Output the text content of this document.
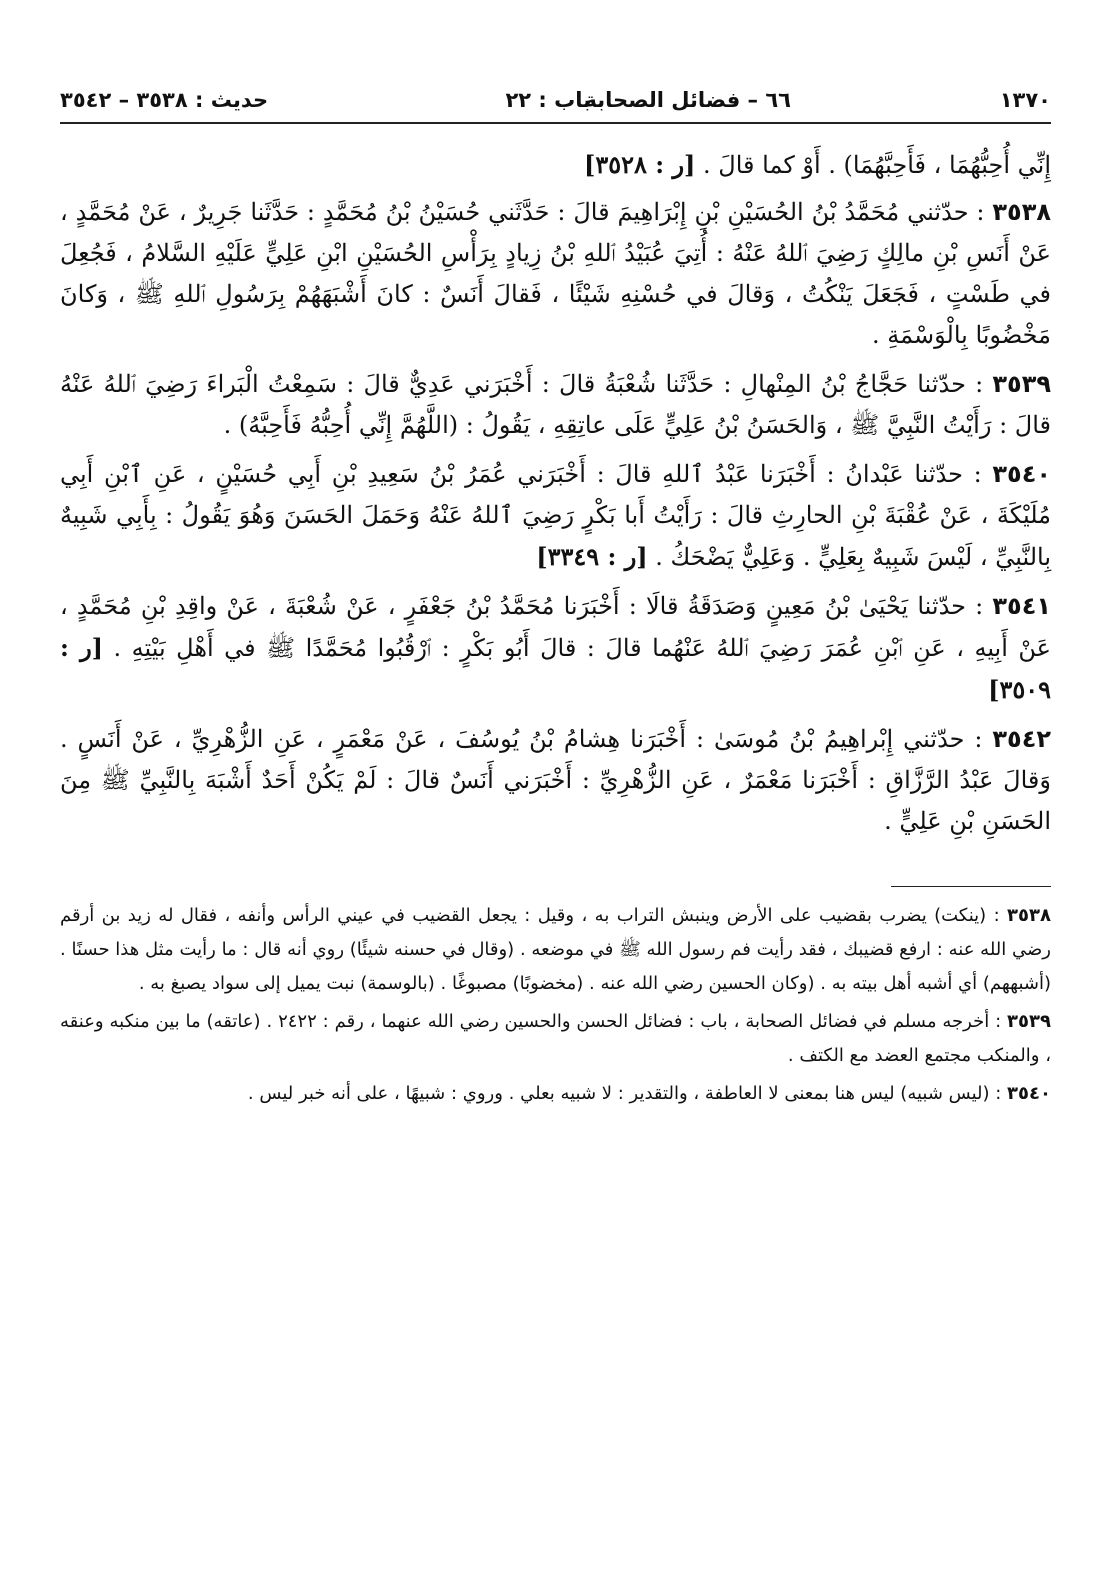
١٣٧٠
٦٦ – فضائل الصحابة
باب : ٢٢
حديث : ٣٥٣٨ – ٣٥٤٢

إِنِّي أُحِبُّهُمَا ، فَأَحِبَّهُمَا) . أَوْ كما قالَ . [ر : ٣٥٢٨]

٣٥٣٨ : حدّثني مُحَمَّدُ بْنُ الحُسَيْنِ بْنِ إِبْرَاهِيمَ قالَ : حَدَّثَني حُسَيْنُ بْنُ مُحَمَّدٍ : حَدَّثَنا جَرِيرٌ ، عَنْ مُحَمَّدٍ ، عَنْ أَنَسِ بْنِ مالِكٍ رَضِيَ ٱللهُ عَنْهُ : أُتِيَ عُبَيْدُ ٱللهِ بْنُ زِيادٍ بِرَأْسِ الحُسَيْنِ ابْنِ عَلِيٍّ عَلَيْهِ السَّلامُ ، فَجُعِلَ في طَسْتٍ ، فَجَعَلَ يَنْكُتُ ، وَقالَ في حُسْنِهِ شَيْئًا ، فَقالَ أَنَسٌ : كانَ أَشْبَهَهُمْ بِرَسُولِ ٱللهِ ﷺ ، وَكانَ مَخْضُوبًا بِالْوَسْمَةِ .

٣٥٣٩ : حدّثنا حَجَّاجُ بْنُ المِنْهالِ : حَدَّثَنا شُعْبَةُ قالَ : أَخْبَرَني عَدِيٌّ قالَ : سَمِعْتُ الْبَراءَ رَضِيَ ٱللهُ عَنْهُ قالَ : رَأَيْتُ النَّبِيَّ ﷺ ، وَالحَسَنُ بْنُ عَلِيٍّ عَلَى عاتِقِهِ ، يَقُولُ : (اللَّهُمَّ إِنِّي أُحِبُّهُ فَأَحِبَّهُ) .

٣٥٤٠ : حدّثنا عَبْدانُ : أَخْبَرَنا عَبْدُ ٱللهِ قالَ : أَخْبَرَني عُمَرُ بْنُ سَعِيدِ بْنِ أَبِي حُسَيْنٍ ، عَنِ ٱبْنِ أَبِي مُلَيْكَةَ ، عَنْ عُقْبَةَ بْنِ الحارِثِ قالَ : رَأَيْتُ أَبا بَكْرٍ رَضِيَ ٱللهُ عَنْهُ وَحَمَلَ الحَسَنَ وَهُوَ يَقُولُ : بِأَبِي شَبِيهٌ بِالنَّبِيِّ ، لَيْسَ شَبِيهٌ بِعَلِيٍّ . وَعَلِيٌّ يَضْحَكُ . [ر : ٣٣٤٩]

٣٥٤١ : حدّثنا يَحْيَىٰ بْنُ مَعِينٍ وَصَدَقَةُ قالَا : أَخْبَرَنا مُحَمَّدُ بْنُ جَعْفَرٍ ، عَنْ شُعْبَةَ ، عَنْ واقِدِ بْنِ مُحَمَّدٍ ، عَنْ أَبِيهِ ، عَنِ ٱبْنِ عُمَرَ رَضِيَ ٱللهُ عَنْهُما قالَ : قالَ أَبُو بَكْرٍ : ٱرْقُبُوا مُحَمَّدًا ﷺ في أَهْلِ بَيْتِهِ . [ر : ٣٥٠٩]

٣٥٤٢ : حدّثني إِبْراهِيمُ بْنُ مُوسَىٰ : أَخْبَرَنا هِشامُ بْنُ يُوسُفَ ، عَنْ مَعْمَرٍ ، عَنِ الزُّهْرِيِّ ، عَنْ أَنَسٍ . وَقالَ عَبْدُ الرَّزَّاقِ : أَخْبَرَنا مَعْمَرٌ ، عَنِ الزُّهْرِيِّ : أَخْبَرَني أَنَسٌ قالَ : لَمْ يَكُنْ أَحَدٌ أَشْبَهَ بِالنَّبِيِّ ﷺ مِنَ الحَسَنِ بْنِ عَلِيٍّ .

٣٥٣٨ : (ينكت) يضرب بقضيب على الأرض وينبش التراب به ، وقيل : يجعل القضيب في عيني الرأس وأنفه ، فقال له زيد بن أرقم رضي الله عنه : ارفع قضيبك ، فقد رأيت فم رسول الله ﷺ في موضعه . (وقال في حسنه شيئًا) روي أنه قال : ما رأيت مثل هذا حسنًا . (أشبههم) أي أشبه أهل بيته به . (وكان الحسين رضي الله عنه . (مخضوبًا) مصبوغًا . (بالوسمة) نبت يميل إلى سواد يصبغ به .

٣٥٣٩ : أخرجه مسلم في فضائل الصحابة ، باب : فضائل الحسن والحسين رضي الله عنهما ، رقم : ٢٤٢٢ . (عاتقه) ما بين منكبه وعنقه ، والمنكب مجتمع العضد مع الكتف .

٣٥٤٠ : (ليس شبيه) ليس هنا بمعنى لا العاطفة ، والتقدير : لا شبيه بعلي . وروي : شبيهًا ، على أنه خبر ليس .
